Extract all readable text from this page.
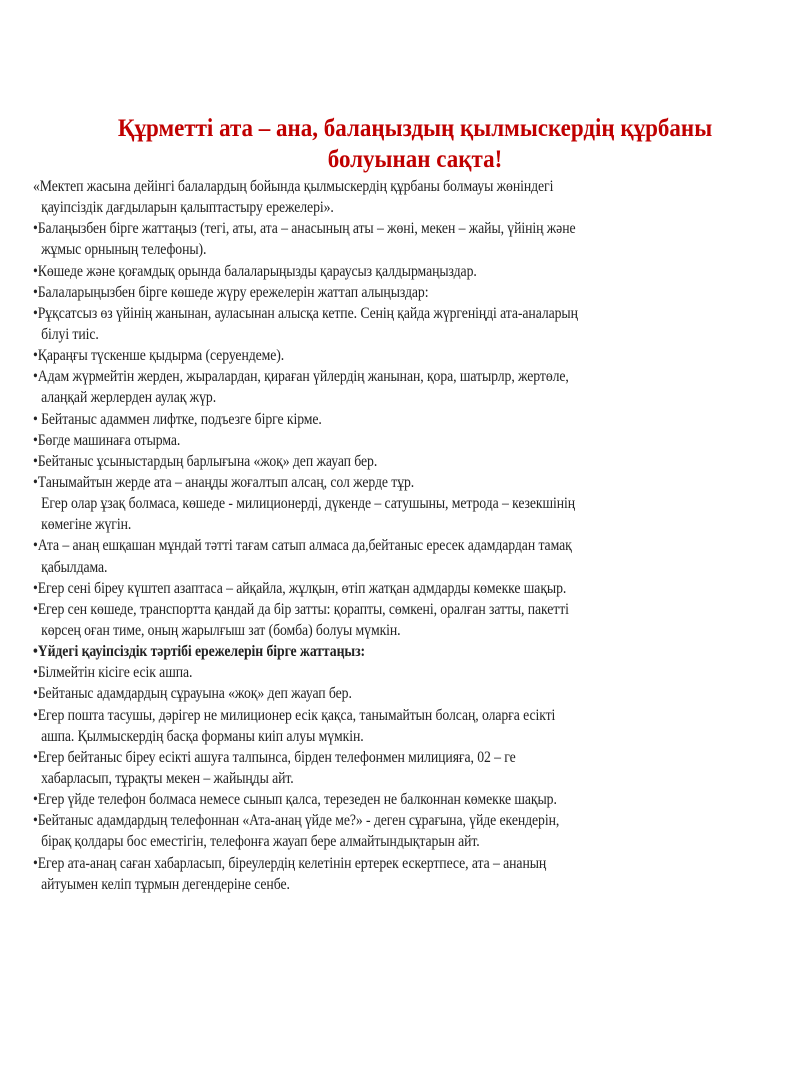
Құрметті ата – ана, балаңыздың қылмыскердің құрбаны
болуынан сақта!
«Мектеп жасына дейінгі балалардың бойында қылмыскердің құрбаны болмауы жөніндегі
қауіпсіздік дағдыларын қалыптастыру ережелері».
•Балаңызбен бірге жаттаңыз (тегі, аты, ата – анасының аты – жөні, мекен – жайы, үйінің және
жұмыс орнының телефоны).
•Көшеде және қоғамдық орында балаларыңызды қараусыз қалдырмаңыздар.
•Балаларыңызбен бірге көшеде жүру ережелерін жаттап алыңыздар:
•Рұқсатсыз өз үйінің жанынан, ауласынан алысқа кетпе. Сенің қайда жүргеніңді ата-аналарың
білуі тиіс.
•Қараңғы түскенше қыдырма (серуендеме).
•Адам жүрмейтін жерден, жыралардан, қираған үйлердің жанынан, қора, шатырлр, жертөле,
алаңқай жерлерден аулақ жүр.
• Бейтаныс адаммен лифтке, подъезге бірге кірме.
•Бөгде машинаға отырма.
•Бейтаныс ұсыныстардың барлығына «жоқ» деп жауап бер.
•Танымайтын жерде ата – анаңды жоғалтып алсаң, сол жерде тұр.
Егер олар ұзақ болмаса, көшеде - милиционерді, дүкенде – сатушыны, метрода – кезекшінің
көмегіне жүгін.
•Ата – анаң ешқашан мұндай тәтті тағам сатып алмаса да,бейтаныс ересек адамдардан тамақ
қабылдама.
•Егер сені біреу күштеп азаптаса – айқайла, жұлқын, өтіп жатқан адмдарды көмекке шақыр.
•Егер сен көшеде, транспортта қандай да бір затты: қорапты, сөмкені, оралған затты, пакетті
көрсең оған тиме, оның жарылғыш зат (бомба) болуы мүмкін.
•Үйдегі қауіпсіздік тәртібі ережелерін бірге жаттаңыз:
•Білмейтін кісіге есік ашпа.
•Бейтаныс адамдардың сұрауына «жоқ» деп жауап бер.
•Егер пошта тасушы, дәрігер не милиционер есік қақса, танымайтын болсаң, оларға есікті
ашпа. Қылмыскердің басқа форманы киіп алуы мүмкін.
•Егер бейтаныс біреу есікті ашуға талпынса, бірден телефонмен милицияға, 02 – ге
хабарласып, тұрақты мекен – жайыңды айт.
•Егер үйде телефон болмаса немесе сынып қалса, терезеден не балконнан көмекке шақыр.
•Бейтаныс адамдардың телефоннан «Ата-анаң үйде ме?» - деген сұрағына, үйде екендерін,
бірақ қолдары бос еместігін, телефонға жауап бере алмайтындықтарын айт.
•Егер ата-анаң саған хабарласып, біреулердің келетінін ертерек ескертпесе, ата – ананың
айтуымен келіп тұрмын дегендеріне сенбе.
